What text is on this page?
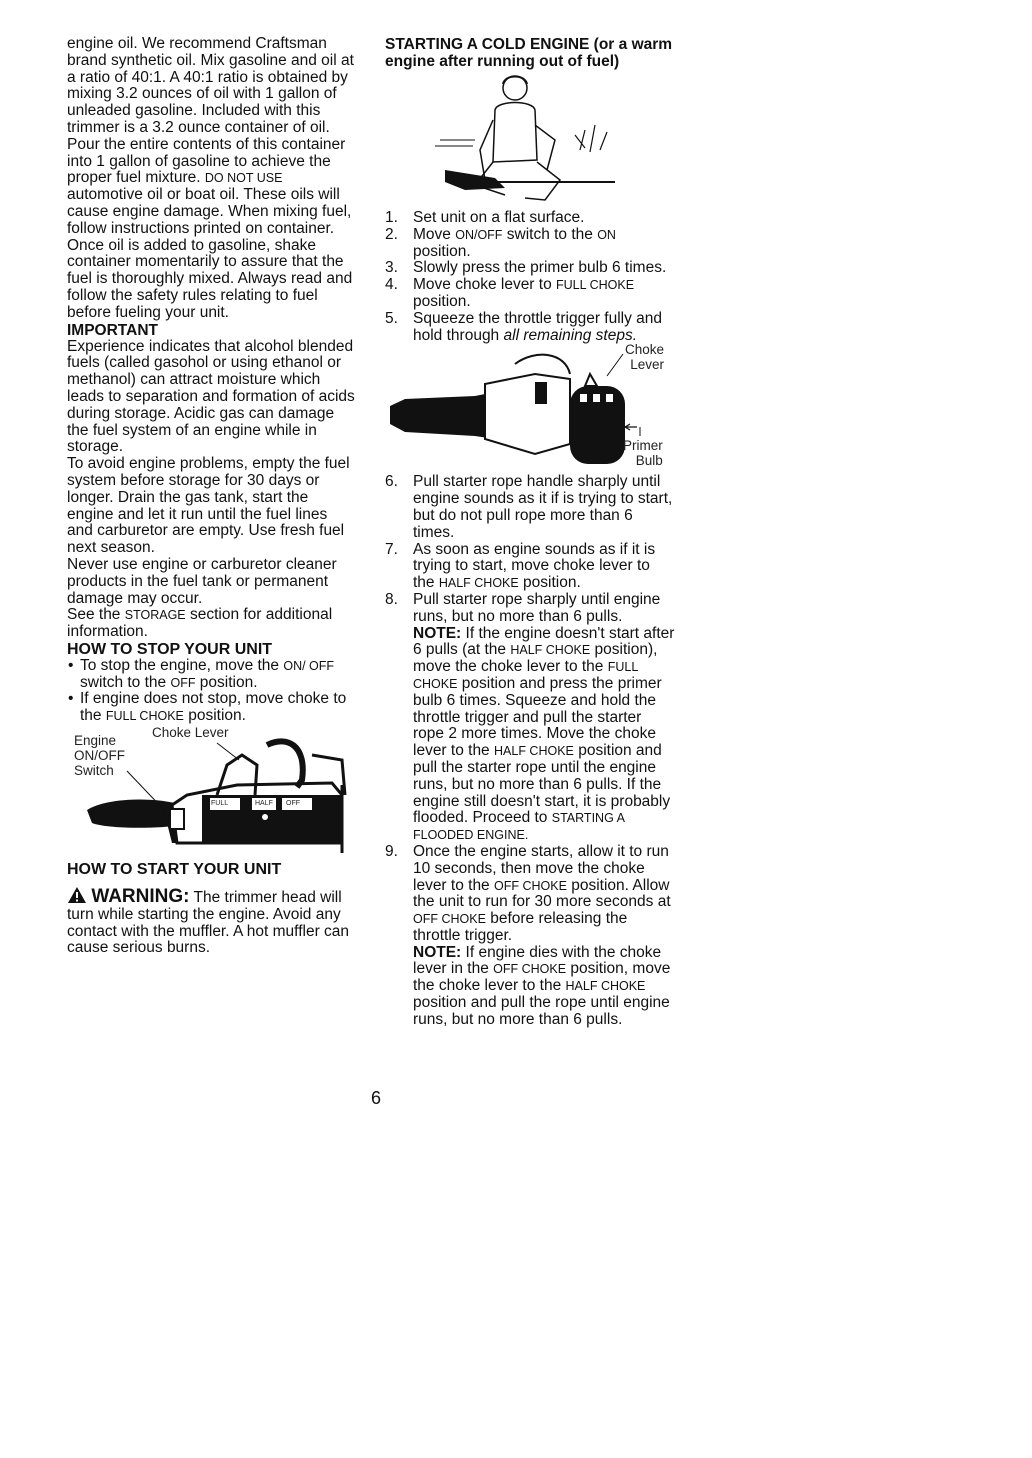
engine oil. We recommend Craftsman brand synthetic oil. Mix gasoline and oil at a ratio of 40:1. A 40:1 ratio is obtained by mixing 3.2 ounces of oil with 1 gallon of unleaded gasoline. Included with this trimmer is a 3.2 ounce container of oil. Pour the entire contents of this container into 1 gallon of gasoline to achieve the proper fuel mixture. DO NOT USE automotive oil or boat oil. These oils will cause engine damage. When mixing fuel, follow instructions printed on container.

Once oil is added to gasoline, shake container momentarily to assure that the fuel is thoroughly mixed. Always read and follow the safety rules relating to fuel before fueling your unit.

IMPORTANT

Experience indicates that alcohol blended fuels (called gasohol or using ethanol or methanol) can attract moisture which leads to separation and formation of acids during storage. Acidic gas can damage the fuel system of an engine while in storage.

To avoid engine problems, empty the fuel system before storage for 30 days or longer. Drain the gas tank, start the engine and let it run until the fuel lines and carburetor are empty. Use fresh fuel next season.

Never use engine or carburetor cleaner products in the fuel tank or permanent damage may occur.

See the STORAGE section for additional information.

HOW TO STOP YOUR UNIT
• To stop the engine, move the ON/ OFF switch to the OFF position.
• If engine does not stop, move choke to the FULL CHOKE position.
Choke Lever
Engine
ON/OFF
Switch
FULL	HALF OFF
HOW TO START YOUR UNIT
WARNING: The trimmer head will turn while starting the engine. Avoid any contact with the muffler. A hot muffler can cause serious burns.
STARTING A COLD ENGINE (or a warm engine after running out of fuel)
1. Set unit on a flat surface.
2. Move ON/OFF switch to the ON position.
3. Slowly press the primer bulb 6 times.
4. Move choke lever to FULL CHOKE position.
5. Squeeze the throttle trigger fully and hold through all remaining steps.
Choke
Lever
Primer
Bulb
6. Pull starter rope handle sharply until engine sounds as it if is trying to start, but do not pull rope more than 6 times.
7. As soon as engine sounds as if it is trying to start, move choke lever to the HALF CHOKE position.
8. Pull starter rope sharply until engine runs, but no more than 6 pulls.
NOTE: If the engine doesn't start after 6 pulls (at the HALF CHOKE position), move the choke lever to the FULL CHOKE position and press the primer bulb 6 times. Squeeze and hold the throttle trigger and pull the starter rope 2 more times. Move the choke lever to the HALF CHOKE position and pull the starter rope until the engine runs, but no more than 6 pulls. If the engine still doesn't start, it is probably flooded. Proceed to STARTING A FLOODED ENGINE.
9. Once the engine starts, allow it to run 10 seconds, then move the choke lever to the OFF CHOKE position. Allow the unit to run for 30 more seconds at OFF CHOKE before releasing the throttle trigger.
NOTE: If engine dies with the choke lever in the OFF CHOKE position, move the choke lever to the HALF CHOKE position and pull the rope until engine runs, but no more than 6 pulls.
6
